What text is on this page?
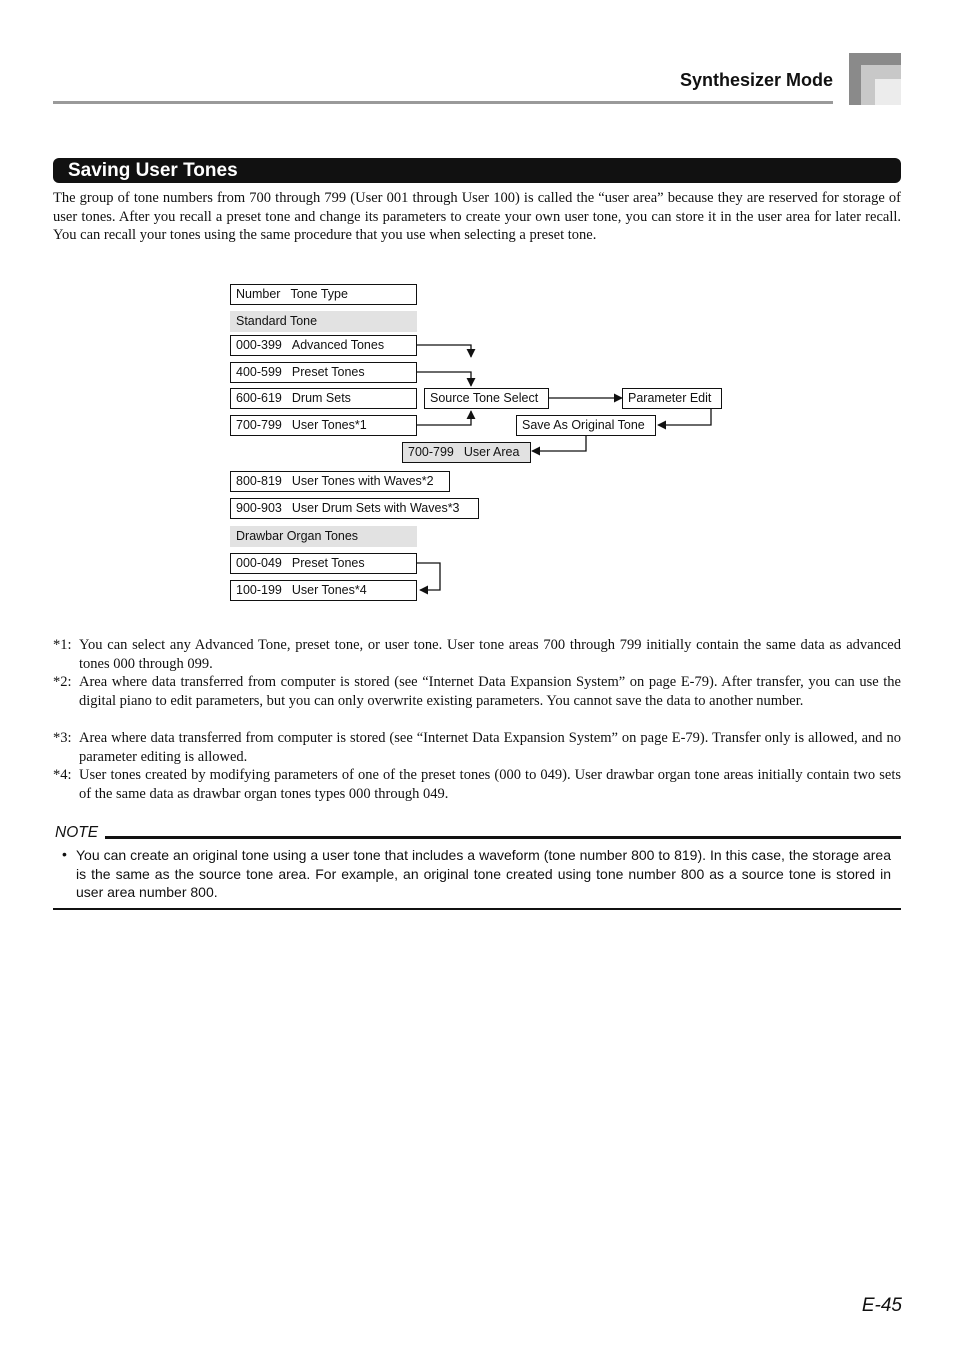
Synthesizer Mode
Saving User Tones
The group of tone numbers from 700 through 799 (User 001 through User 100) is called the “user area” because they are reserved for storage of user tones. After you recall a preset tone and change its parameters to create your own user tone, you can store it in the user area for later recall. You can recall your tones using the same procedure that you use when selecting a preset tone.
Number Tone Type
Standard Tone
000-399 Advanced Tones
400-599 Preset Tones
600-619 Drum Sets
700-799 User Tones*1
Source Tone Select	Parameter Edit
Save As Original Tone
700-799 User Area
800-819 User Tones with Waves*2
900-903 User Drum Sets with Waves*3
Drawbar Organ Tones
000-049 Preset Tones
100-199 User Tones*4
*1: You can select any Advanced Tone, preset tone, or user tone. User tone areas 700 through 799 initially contain the same data as advanced tones 000 through 099.
*2: Area where data transferred from computer is stored (see “Internet Data Expansion System” on page E-79). After transfer, you can use the digital piano to edit parameters, but you can only overwrite existing parameters. You cannot save the data to another number.
*3: Area where data transferred from computer is stored (see “Internet Data Expansion System” on page E-79). Transfer only is allowed, and no parameter editing is allowed.
*4: User tones created by modifying parameters of one of the preset tones (000 to 049). User drawbar organ tone areas initially contain two sets of the same data as drawbar organ tones types 000 through 049.
NOTE
• You can create an original tone using a user tone that includes a waveform (tone number 800 to 819). In this case, the storage area is the same as the source tone area. For example, an original tone created using tone number 800 as a source tone is stored in user area number 800.
E-45
